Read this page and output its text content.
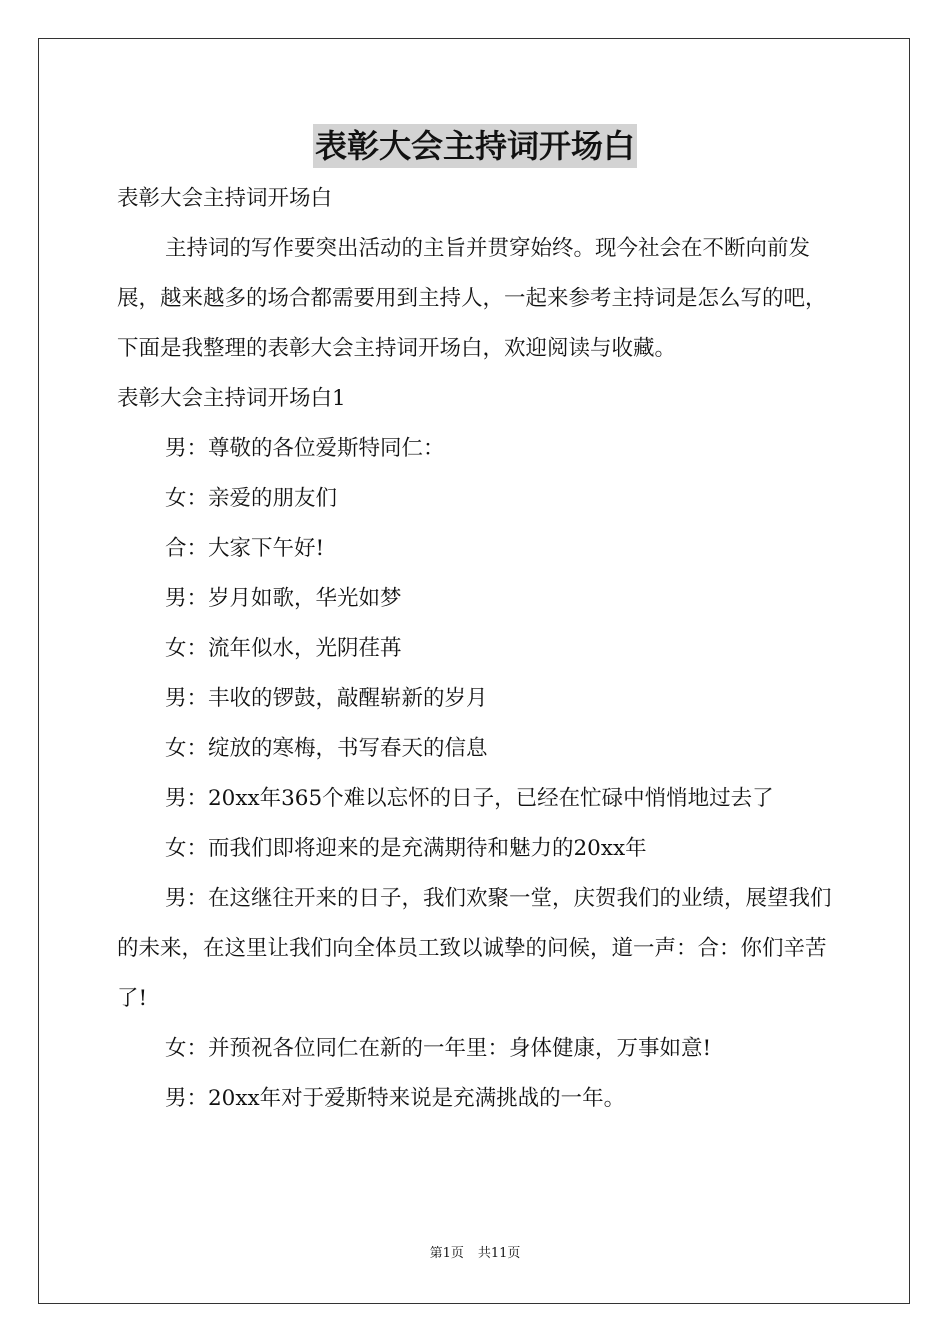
表彰大会主持词开场白

表彰大会主持词开场白

主持词的写作要突出活动的主旨并贯穿始终。现今社会在不断向前发展，越来越多的场合都需要用到主持人，一起来参考主持词是怎么写的吧，下面是我整理的表彰大会主持词开场白，欢迎阅读与收藏。

表彰大会主持词开场白1

男：尊敬的各位爱斯特同仁：

女：亲爱的朋友们

合：大家下午好!

男：岁月如歌，华光如梦

女：流年似水，光阴荏苒

男：丰收的锣鼓，敲醒崭新的岁月

女：绽放的寒梅，书写春天的信息

男：20xx年365个难以忘怀的日子，已经在忙碌中悄悄地过去了

女：而我们即将迎来的是充满期待和魅力的20xx年

男：在这继往开来的日子，我们欢聚一堂，庆贺我们的业绩，展望我们的未来，在这里让我们向全体员工致以诚挚的问候，道一声：合：你们辛苦了!

女：并预祝各位同仁在新的一年里：身体健康，万事如意!

男：20xx年对于爱斯特来说是充满挑战的一年。

第1页 共11页
